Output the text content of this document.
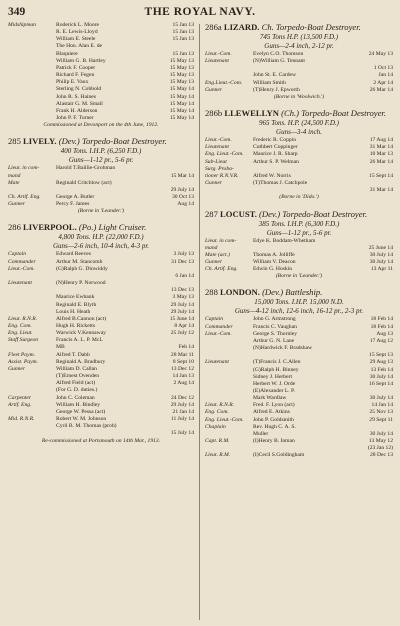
349	THE ROYAL NAVY.
Midshipman	Roderick L. Moore	15 Jan 13
R. E. Lewis-Lloyd	15 Jan 13
William E. Steele	15 Jan 13
The Hon. Alan E. de
Blaquiere	15 Jan 13
William G. B. Hartley	15 May 13
Patrick F. Cooper	15 May 13
Richard F. Fegen	15 May 13
Philip E. Vaux	15 May 13
Sterling N. Cobbold	15 May 14
John R. S. Haines	15 May 14
Alastair G. M. Small	15 May 14
Frank H. Alderson	15 May 14
John P. F. Turner	15 May 14
Commissioned at Devonport on the 4th June, 1912.
285 LIVELY. (Dev.) Torpedo-Boat Destroyer.
400 Tons. I.H.P. (6,250 F.D.)
Guns—1-12 pr., 5-6 pr.
Lieut. in com-	Harold T.Baillie-Grohman
mand	15 Mar 14
Mate	Reginald Critchlow (act)
29 July 14
Ch. Artif. Eng.	George A. Butler	30 Oct 13
Gunner	Percy F. James	Aug 14
(Borne in 'Leander.')
286 LIVERPOOL. (Po.) Light Cruiser.
4,800 Tons. H.P. (22,000 F.D.)
Guns—2-6 inch, 10-4 inch, 4-3 pr.
Captain	Edward Reeves	3 July 13
Commander	Arthur M. Stancomb	31 Dec 13
Lieut.-Com.	(G)Ralph G. Dinwiddy
6 Jan 14
Lieutenant	(N)Henry P. Norwood
13 Dec 13
Maurice Ewbank	3 May 13
Reginald E. Blyth	29 July 14
Louis H. Heath	29 July 14
Lieut. R.N.R.	Alfred B.Cannon (act)	15 June 14
Eng. Com.	Hugh H. Ricketts	8 Apr 14
Eng. Lieut.	Warwick V.Kennaway	25 July 12
Staff Surgeon	Francis A. L. P. McL
MB	Feb 14
Fleet Paym.	Alfred T. Dabb	28 Mar 11
Assist. Paym.	Reginald A. Bradbury	8 Sept 10
Gunner	William D. Callan	13 Dec 12
(T)Ernest Ovenden	14 Jan 13
Alfred Field (act)	2 Aug 14
(For G. D. duties.)
Carpenter	John C. Coleman	24 Dec 12
Artif. Eng.	William H. Bindley	29 July 14
George W. Pessa (act)	21 Jan 14
Mid. R.N.R.	Robert W. M. Johnson	11 July 14
Cyril B. M. Thomas (prob)
15 July 14
Re-commissioned at Portsmouth on 14th Mar., 1913.
286a LIZARD. Ch. Torpedo-Boat Destroyer.
745 Tons H.P. (13,500 F.D.)
Guns—2-4 inch, 2-12 pr.
Lieut.-Com.	Evelyn C.O. Thomson	24 May 13
Lieutenant	(N)William G. Tennant
1 Oct 13
John St. E. Cardew	Jan 14
Eng.Lieut.-Com.	William Smith	2 Apr 14
Gunner	(T)Henry J. Epworth	26 Mar 14
(Borne in 'Woolwich.')
286b LLEWELLYN (Ch.) Torpedo-Boat Destroyer.
965 Tons. H.P. (24,500 F.D.)
Guns—3-4 inch.
Lieut.-Com.	Frederic R. Coppin	17 Aug 14
Lieutenant	Cuthbert Coppinger	31 Mar 14
Eng. Lieut.-Com.	Maurice J. R. Sharp	10 Mar 13
Sub-Lieut	Arthur S. P. Welman	26 Mar 14
Surg. Proba-
tioner R.N.V.R.	Alfred W. Norris	15 Sept 14
Gunner	(T)Thomas J. Catchpole
31 Mar 14
(Borne in 'Dido.')
287 LOCUST. (Dev.) Torpedo-Boat Destroyer.
385 Tons. I.H.P. (6,300 F.D.)
Guns—1-12 pr., 5-6 pr.
Lieut. in com-	Edye K. Boddam-Whetham
mand	25 June 14
Mate (act.)	Thomas A. Jolliffe	30 July 14
Gunner	William V. Deacon	30 July 14
Ch. Artif. Eng.	Edwin G. Hoskin	13 Apr 11
(Borne in 'Leander.')
288 LONDON. (Dev.) Battleship.
15,000 Tons. I.H.P. 15,000 N.D.
Guns—4-12 inch, 12-6 inch, 16-12 pr., 2-3 pr.
Captain	John G. Armstrong	18 Feb 14
Commander	Francis C. Vaughan	18 Feb 14
Lieut.-Com.	George S. Thornley	Aug 13
Arthur G. N. Lane	17 Aug 12
(N)Hardwick F. Bradshaw
15 Sept 13
Lieutenant	(T)Francis J. C.Allen	29 Aug 13
(G)Ralph H. Binney	13 Feb 14
Sidney J. Herbert	30 July 14
Herbert W. J. Orde	16 Sept 14
(E)Alexander L. P.
Mark Wardlaw	30 July 14
Lieut. R.N.R.	Fred. F. Lyon (act)	14 Jan 14
Eng. Com.	Alfred E. Atkins	25 Nov 13
Eng. Lieut.-Com.	John P. Goldsmith	29 Sept 11
Chaplain	Rev. Hugh C. A. S.
Muller	30 July 14
Capt. R.M.	(I)Henry B. Inman	13 May 12
(23 Jan 12)
Lieut. R.M.	(I)Cecil S.Goldingham	28 Dec 13
